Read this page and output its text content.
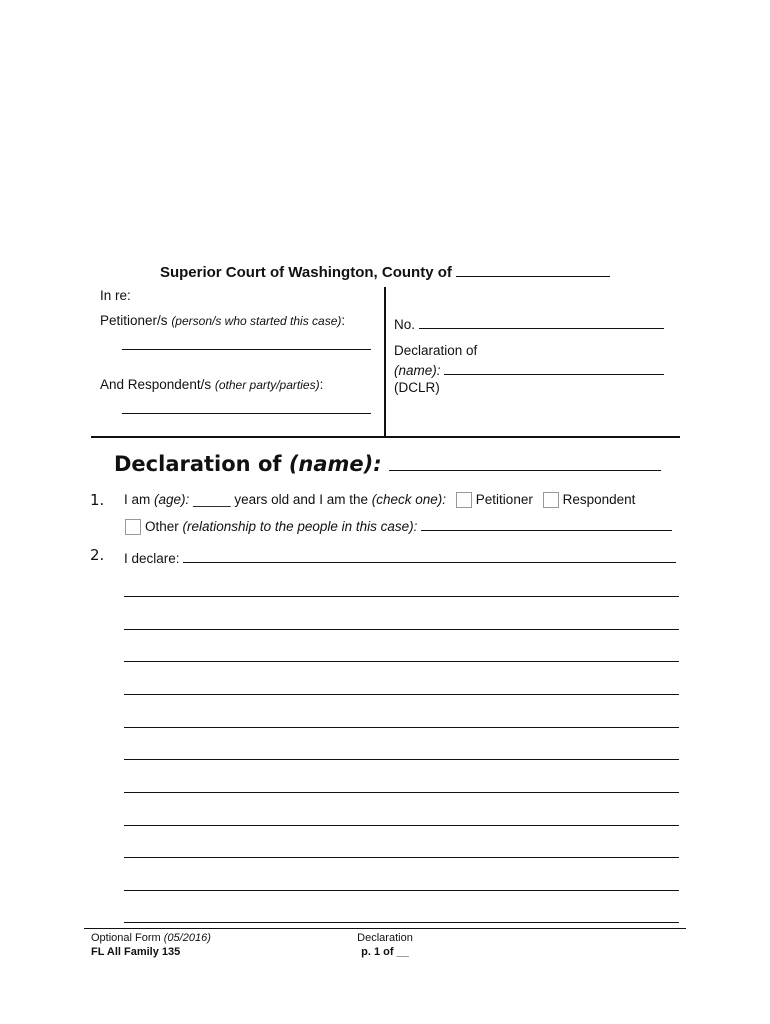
Superior Court of Washington, County of
In re:
Petitioner/s (person/s who started this case):
And Respondent/s (other party/parties):
No.
Declaration of
(name):
(DCLR)
Declaration of (name):
1. I am (age): _____ years old and I am the (check one): Petitioner Respondent
Other (relationship to the people in this case):
2. I declare:
Optional Form (05/2016)
FL All Family 135
Declaration
p. 1 of __
